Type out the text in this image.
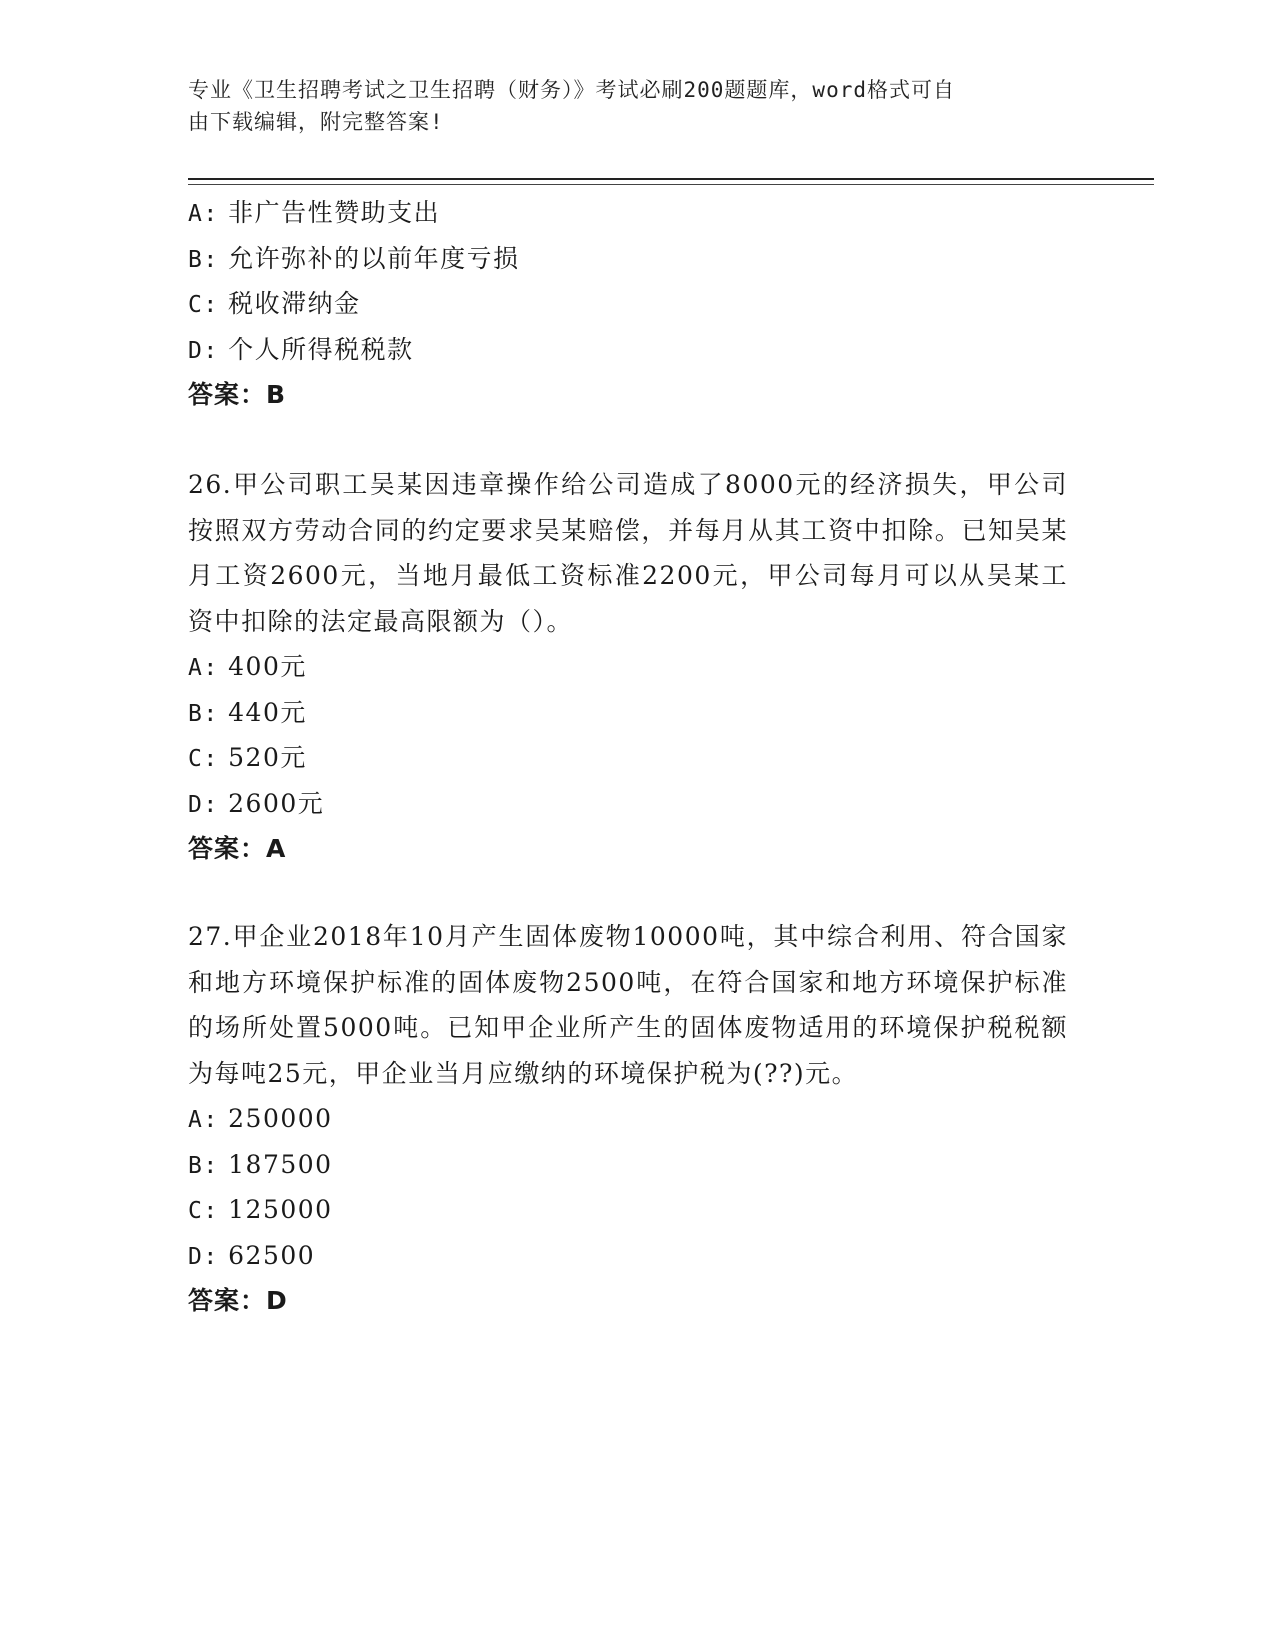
专业《卫生招聘考试之卫生招聘（财务）》考试必刷200题题库，word格式可自
由下载编辑，附完整答案!
A: 非广告性赞助支出
B: 允许弥补的以前年度亏损
C: 税收滞纳金
D: 个人所得税税款
答案：B
26.甲公司职工吴某因违章操作给公司造成了8000元的经济损失，甲公司按照双方劳动合同的约定要求吴某赔偿，并每月从其工资中扣除。已知吴某月工资2600元，当地月最低工资标准2200元，甲公司每月可以从吴某工资中扣除的法定最高限额为（）。
A: 400元
B: 440元
C: 520元
D: 2600元
答案：A
27.甲企业2018年10月产生固体废物10000吨，其中综合利用、符合国家和地方环境保护标准的固体废物2500吨，在符合国家和地方环境保护标准的场所处置5000吨。已知甲企业所产生的固体废物适用的环境保护税税额为每吨25元，甲企业当月应缴纳的环境保护税为(??)元。
A: 250000
B: 187500
C: 125000
D: 62500
答案：D
